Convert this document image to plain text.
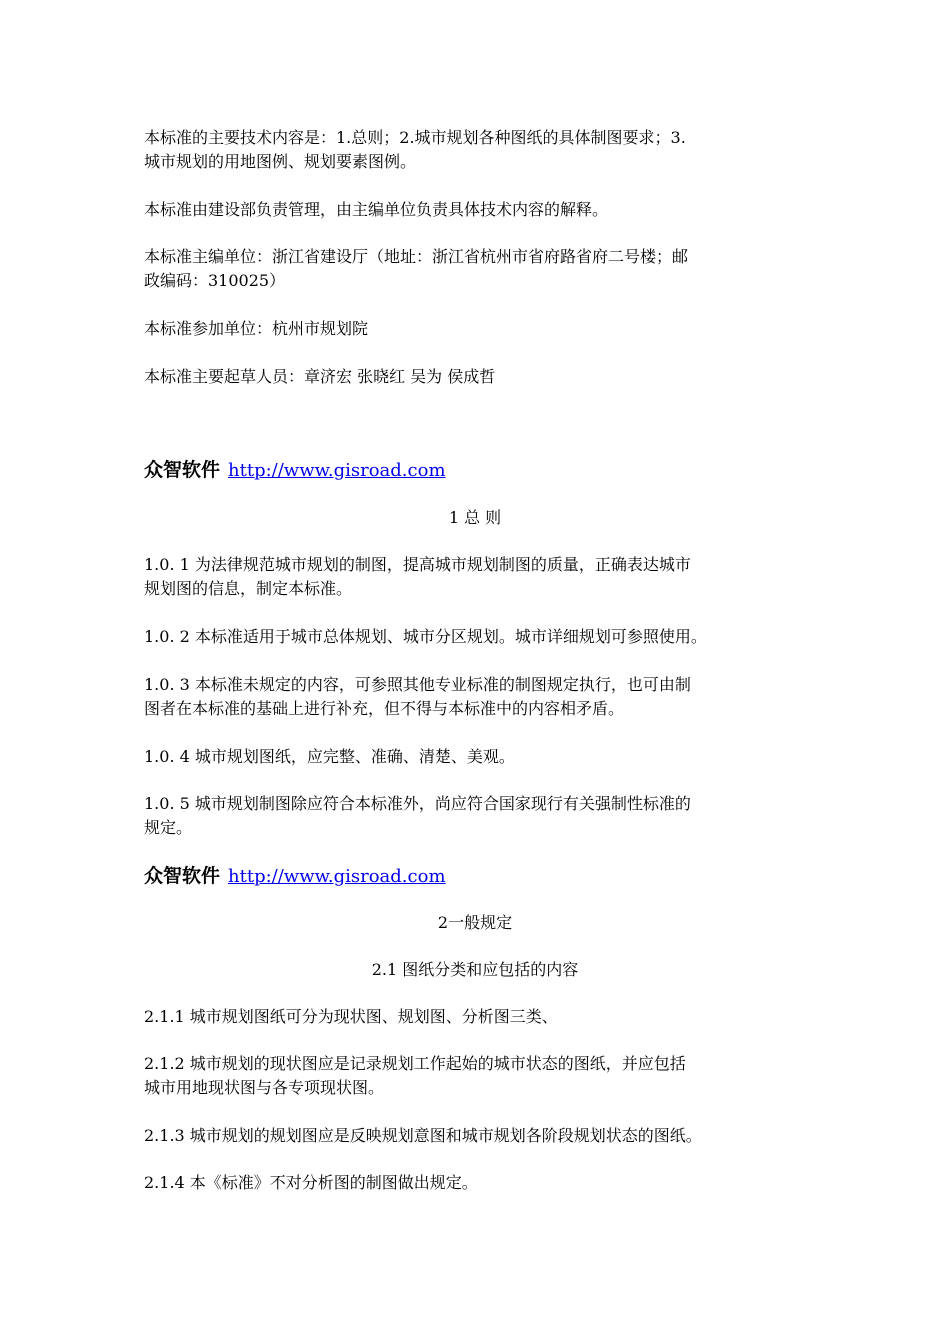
本标准的主要技术内容是：1.总则；2.城市规划各种图纸的具体制图要求；3.
城市规划的用地图例、规划要素图例。
本标准由建设部负责管理，由主编单位负责具体技术内容的解释。
本标准主编单位：浙江省建设厅（地址：浙江省杭州市省府路省府二号楼；邮
政编码：310025）
本标准参加单位：杭州市规划院
本标准主要起草人员：章济宏 张晓红 吴为 侯成哲
众智软件 http://www.gisroad.com
1 总 则
1.0. 1 为法律规范城市规划的制图，提高城市规划制图的质量，正确表达城市
规划图的信息，制定本标准。
1.0. 2 本标准适用于城市总体规划、城市分区规划。城市详细规划可参照使用。
1.0. 3 本标准未规定的内容，可参照其他专业标准的制图规定执行，也可由制
图者在本标准的基础上进行补充，但不得与本标准中的内容相矛盾。
1.0. 4 城市规划图纸，应完整、准确、清楚、美观。
1.0. 5 城市规划制图除应符合本标准外，尚应符合国家现行有关强制性标准的
规定。
众智软件 http://www.gisroad.com
2一般规定
2.1 图纸分类和应包括的内容
2.1.1 城市规划图纸可分为现状图、规划图、分析图三类、
2.1.2 城市规划的现状图应是记录规划工作起始的城市状态的图纸，并应包括
城市用地现状图与各专项现状图。
2.1.3 城市规划的规划图应是反映规划意图和城市规划各阶段规划状态的图纸。
2.1.4 本《标准》不对分析图的制图做出规定。
